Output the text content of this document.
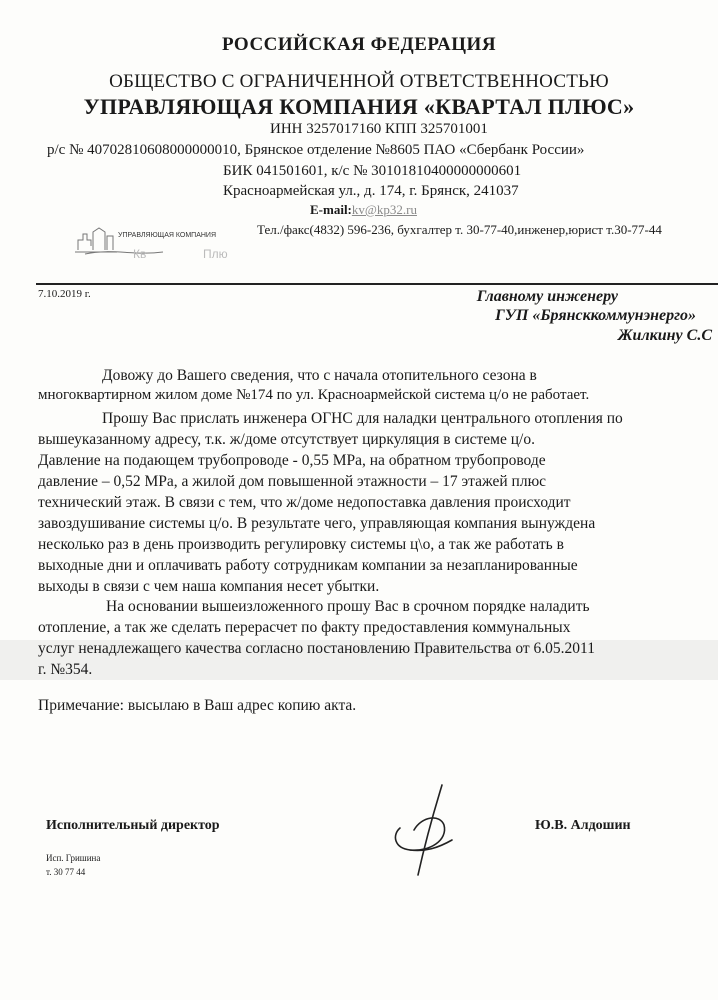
РОССИЙСКАЯ ФЕДЕРАЦИЯ
ОБЩЕСТВО С ОГРАНИЧЕННОЙ ОТВЕТСТВЕННОСТЬЮ
УПРАВЛЯЮЩАЯ КОМПАНИЯ «КВАРТАЛ ПЛЮС»
ИНН 3257017160 КПП 325701001
р/с № 40702810608000000010, Брянское отделение №8605 ПАО «Сбербанк России»
БИК 041501601, к/с № 30101810400000000601
Красноармейская ул., д. 174, г. Брянск, 241037
E-mail:kv@kp32.ru
Тел./факс(4832) 596-236, бухгалтер т. 30-77-40,инженер,юрист т.30-77-44
Кв	Плю
УПРАВЛЯЮЩАЯ КОМПАНИЯ
7.10.2019 г.	Главному инженеру
ГУП «Брянсккоммунэнерго»
Жилкину С.С
Довожу до Вашего сведения, что с начала отопительного сезона в
многоквартирном жилом доме №174 по ул. Красноармейской система ц/о не работает.
Прошу Вас прислать инженера ОГНС для наладки центрального отопления по
вышеуказанному адресу, т.к. ж/доме отсутствует циркуляция в системе ц/о.
Давление на подающем трубопроводе - 0,55 MPa, на обратном трубопроводе
давление – 0,52 MPa, а жилой дом повышенной этажности – 17 этажей плюс
технический этаж. В связи с тем, что ж/доме недопоставка давления происходит
завоздушивание системы ц/о. В результате чего, управляющая компания вынуждена
несколько раз в день производить регулировку системы ц\о, а так же работать в
выходные дни и оплачивать работу сотрудникам компании за незапланированные
выходы в связи с чем наша компания несет убытки.
На основании вышеизложенного прошу Вас в срочном порядке наладить
отопление, а так же сделать перерасчет по факту предоставления коммунальных
услуг ненадлежащего качества согласно постановлению Правительства от 6.05.2011
г. №354.
Примечание: высылаю в Ваш адрес копию акта.
Исполнительный директор	Ю.В. Алдошин
Исп. Гришина
т. 30 77 44
